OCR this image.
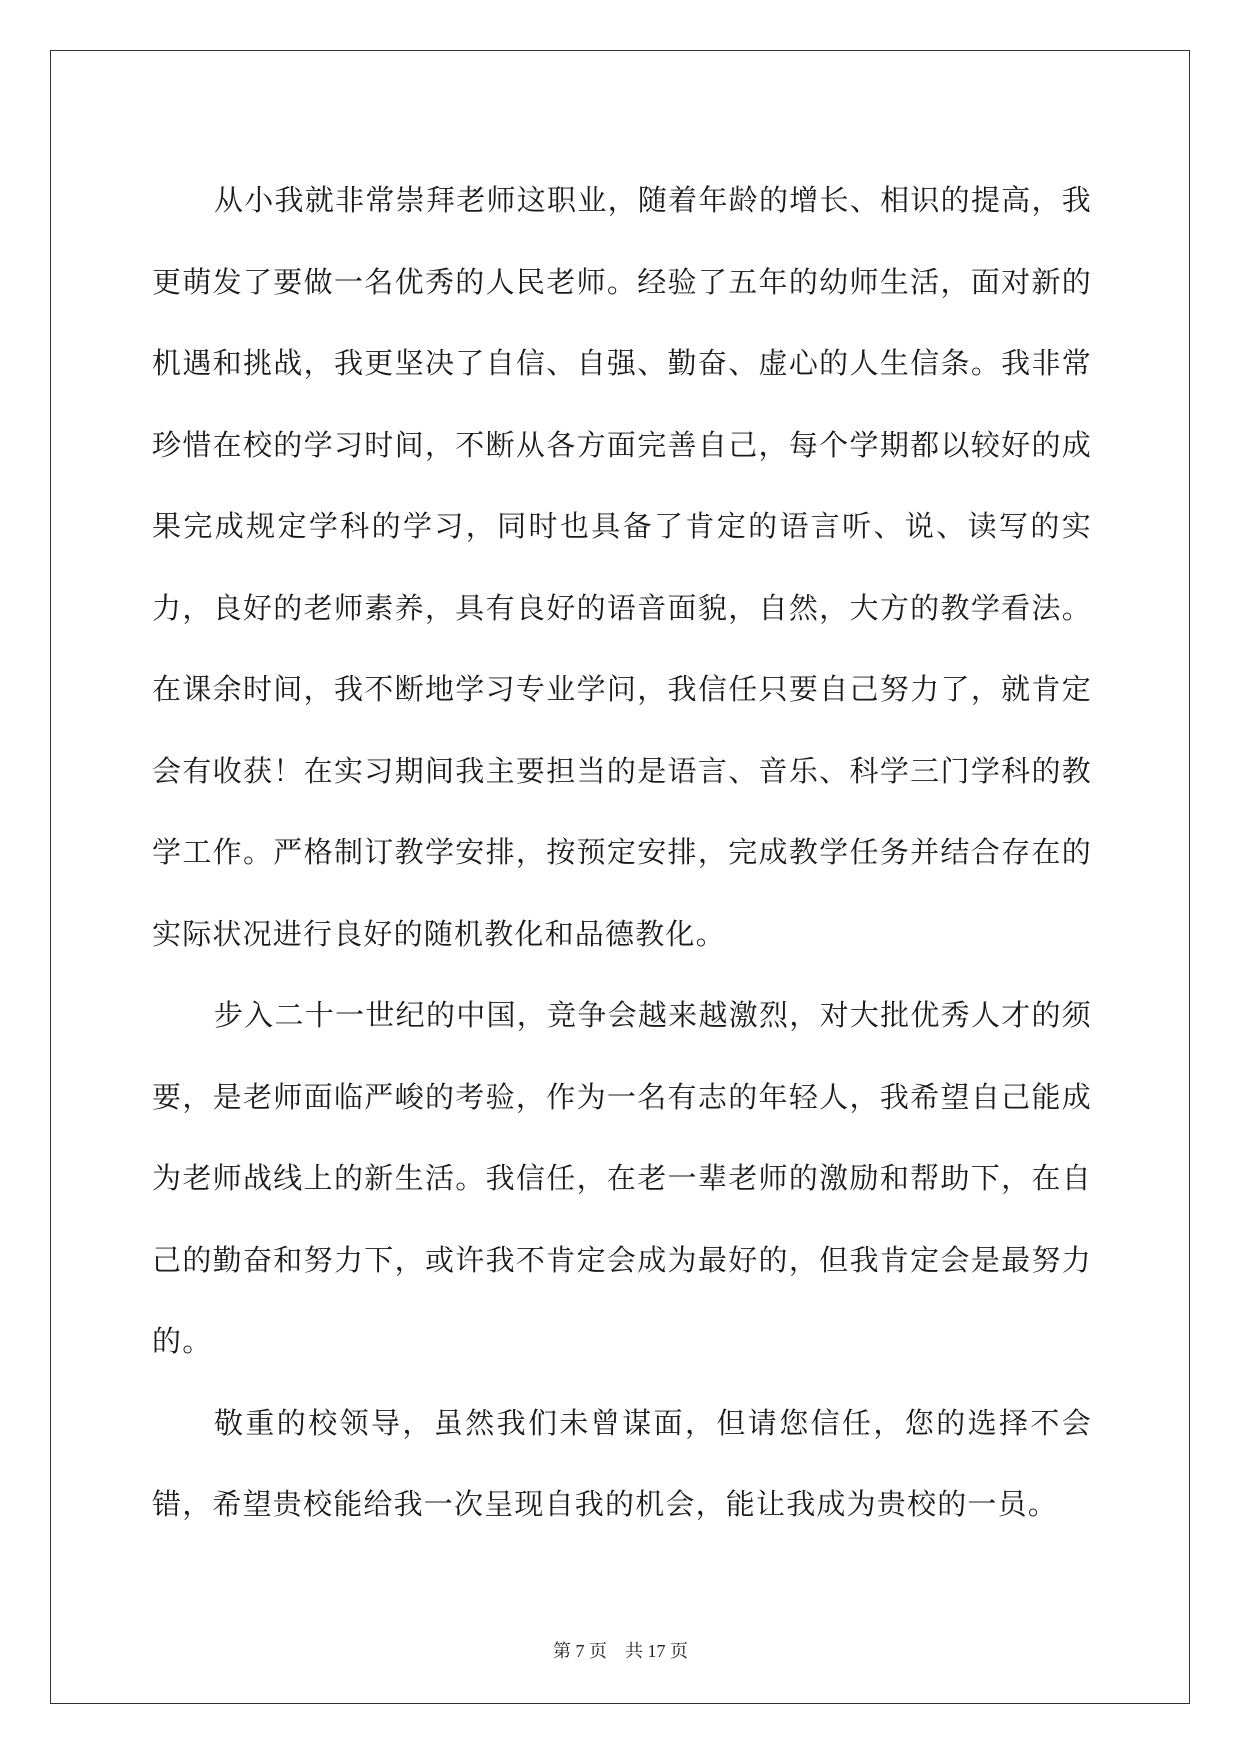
从小我就非常崇拜老师这职业，随着年龄的增长、相识的提高，我更萌发了要做一名优秀的人民老师。经验了五年的幼师生活，面对新的机遇和挑战，我更坚决了自信、自强、勤奋、虚心的人生信条。我非常珍惜在校的学习时间，不断从各方面完善自己，每个学期都以较好的成果完成规定学科的学习，同时也具备了肯定的语言听、说、读写的实力，良好的老师素养，具有良好的语音面貌，自然，大方的教学看法。在课余时间，我不断地学习专业学问，我信任只要自己努力了，就肯定会有收获！在实习期间我主要担当的是语言、音乐、科学三门学科的教学工作。严格制订教学安排，按预定安排，完成教学任务并结合存在的实际状况进行良好的随机教化和品德教化。

步入二十一世纪的中国，竞争会越来越激烈，对大批优秀人才的须要，是老师面临严峻的考验，作为一名有志的年轻人，我希望自己能成为老师战线上的新生活。我信任，在老一辈老师的激励和帮助下，在自己的勤奋和努力下，或许我不肯定会成为最好的，但我肯定会是最努力的。

敬重的校领导，虽然我们未曾谋面，但请您信任，您的选择不会错，希望贵校能给我一次呈现自我的机会，能让我成为贵校的一员。

第 7 页　共 17 页
